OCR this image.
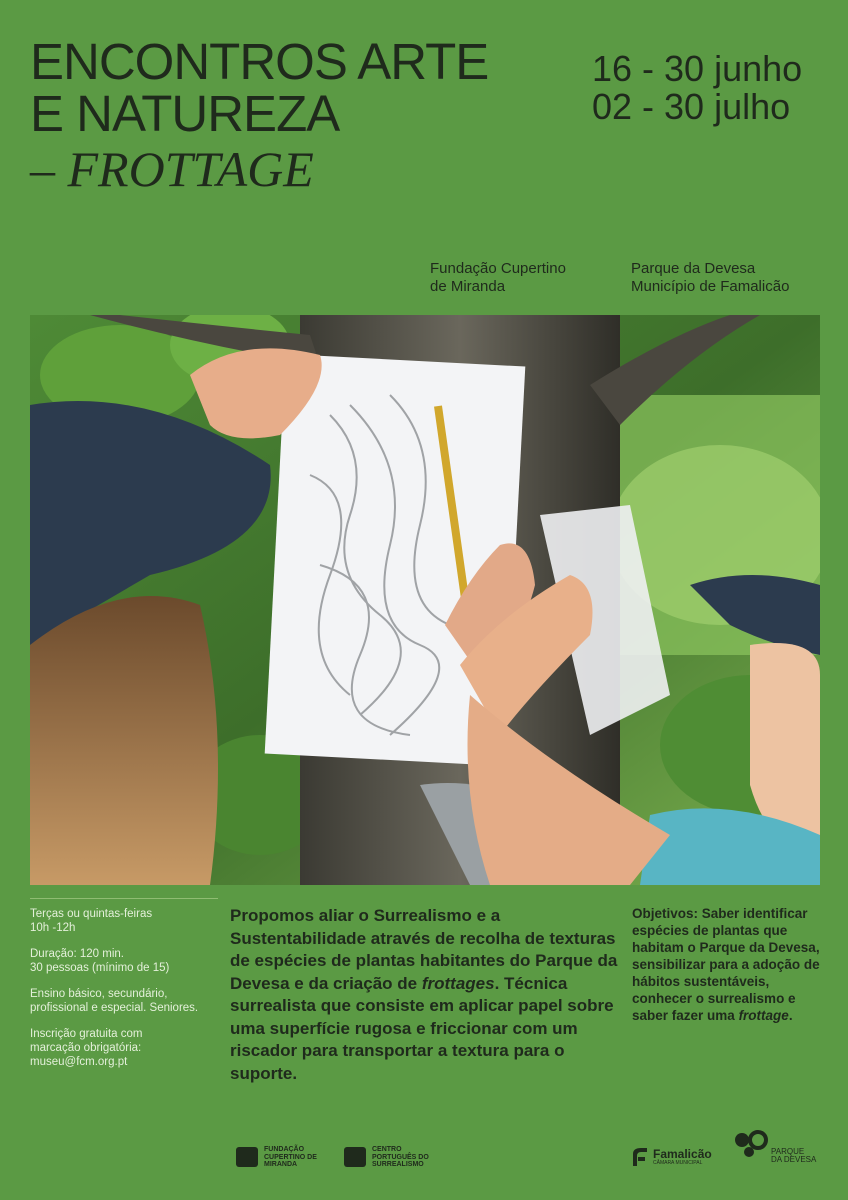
ENCONTROS ARTE
E NATUREZA
– FROTTAGE
16 - 30 junho
02 - 30 julho
Fundação Cupertino
de Miranda
Parque da Devesa
Município de Famalicão

Terças ou quintas-feiras
10h -12h

Duração: 120 min.
30 pessoas (mínimo de 15)

Ensino básico, secundário,
profissional e especial. Seniores.

Inscrição gratuita com
marcação obrigatória:
museu@fcm.org.pt

Propomos aliar o Surrealismo e a Sustentabilidade através de recolha de texturas de espécies de plantas habitantes do Parque da Devesa e da criação de frottages. Técnica surrealista que consiste em aplicar papel sobre uma superfície rugosa e friccionar com um riscador para transportar a textura para o suporte.
Objetivos: Saber identificar espécies de plantas que habitam o Parque da Devesa, sensibilizar para a adoção de hábitos sustentáveis, conhecer o surrealismo e saber fazer uma frottage.
FUNDAÇÃO
CUPERTINO DE
MIRANDA
CENTRO
PORTUGUÊS DO
SURREALISMO
Famalicão
CÂMARA MUNICIPAL
PARQUE
DA DEVESA
